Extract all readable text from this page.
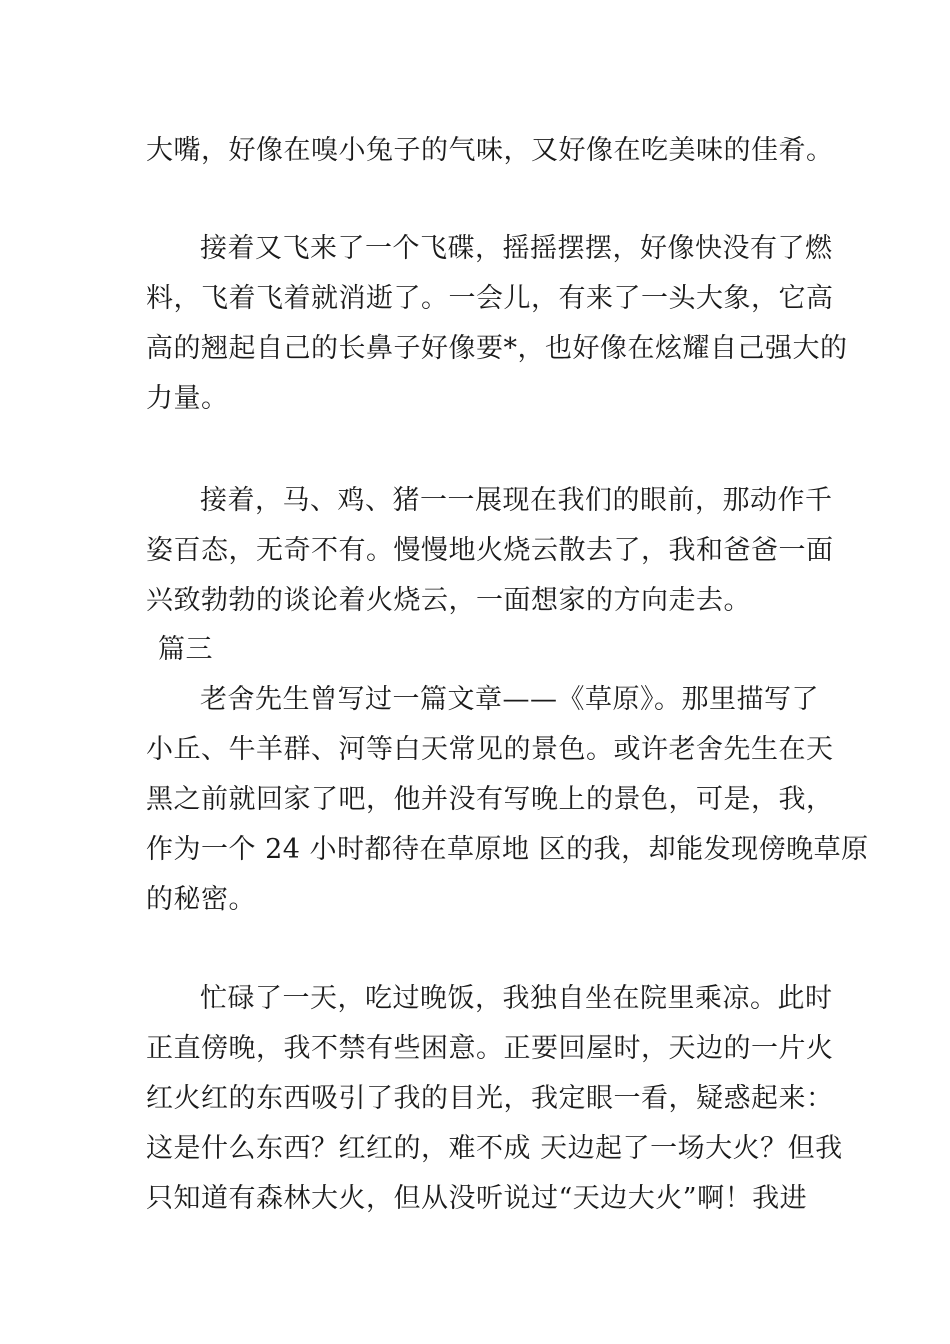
大嘴，好像在嗅小兔子的气味，又好像在吃美味的佳肴。
接着又飞来了一个飞碟，摇摇摆摆，好像快没有了燃
料，飞着飞着就消逝了。一会儿，有来了一头大象，它高
高的翘起自己的长鼻子好像要*，也好像在炫耀自己强大的
力量。
接着，马、鸡、猪一一展现在我们的眼前，那动作千
姿百态，无奇不有。慢慢地火烧云散去了，我和爸爸一面
兴致勃勃的谈论着火烧云，一面想家的方向走去。
篇三
老舍先生曾写过一篇文章——《草原》。那里描写了
小丘、牛羊群、河等白天常见的景色。或许老舍先生在天
黑之前就回家了吧，他并没有写晚上的景色，可是，我，
作为一个 24 小时都待在草原地 区的我，却能发现傍晚草原
的秘密。
忙碌了一天，吃过晚饭，我独自坐在院里乘凉。此时
正直傍晚，我不禁有些困意。正要回屋时，天边的一片火
红火红的东西吸引了我的目光，我定眼一看，疑惑起来：
这是什么东西？红红的，难不成 天边起了一场大火？但我
只知道有森林大火，但从没听说过“天边大火”啊！我进
